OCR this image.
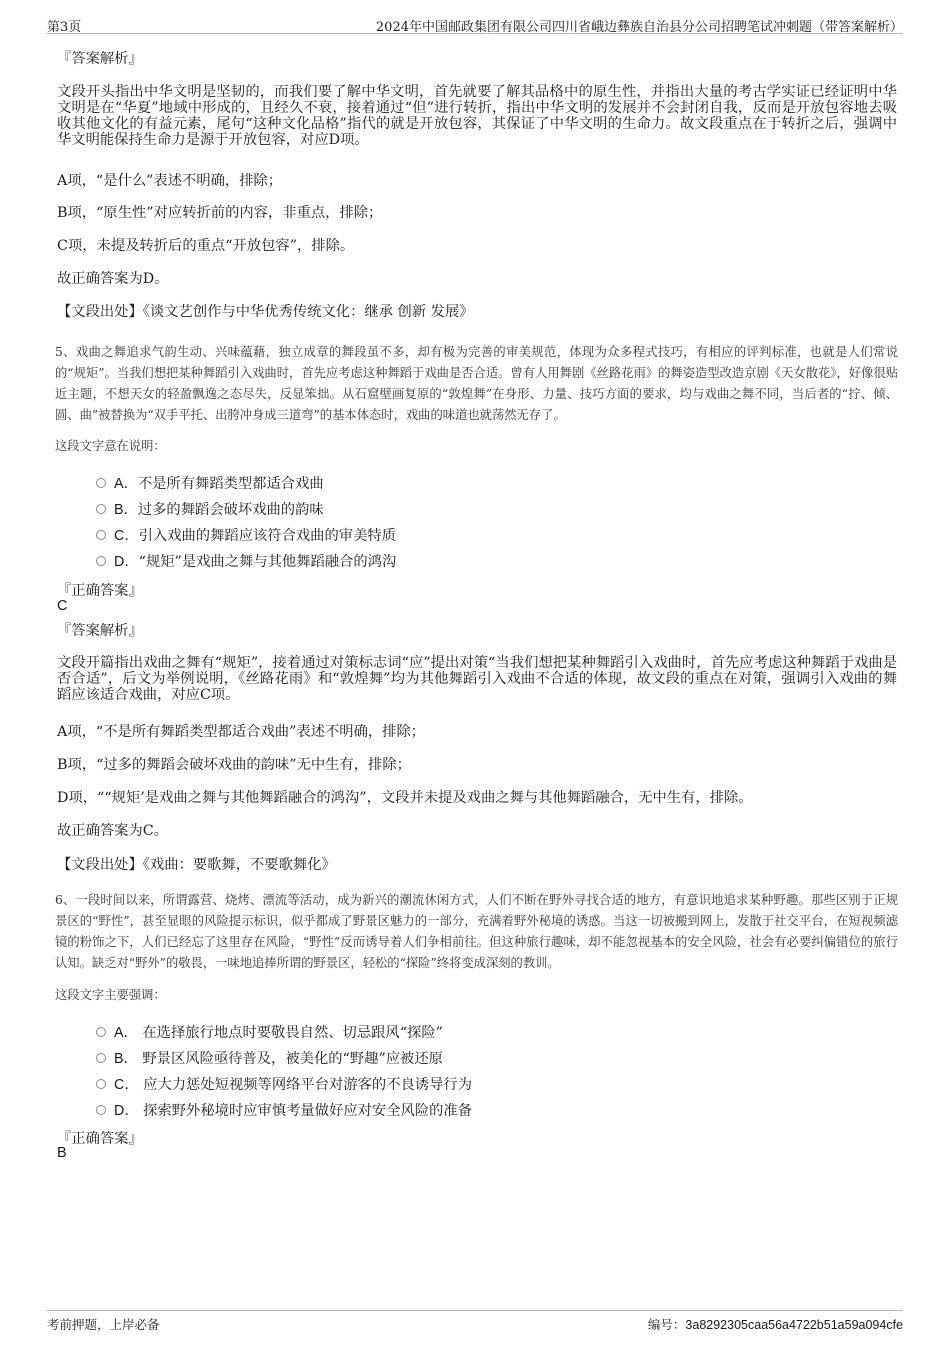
第3页	2024年中国邮政集团有限公司四川省峨边彝族自治县分公司招聘笔试冲刺题（带答案解析）
『答案解析』
文段开头指出中华文明是坚韧的，而我们要了解中华文明，首先就要了解其品格中的原生性，并指出大量的考古学实证已经证明中华文明是在“华夏”地域中形成的，且经久不衰，接着通过“但”进行转折，指出中华文明的发展并不会封闭自我，反而是开放包容地去吸收其他文化的有益元素，尾句“这种文化品格”指代的就是开放包容，其保证了中华文明的生命力。故文段重点在于转折之后，强调中华文明能保持生命力是源于开放包容，对应D项。
A项，“是什么”表述不明确，排除；
B项，“原生性”对应转折前的内容，非重点，排除；
C项，未提及转折后的重点“开放包容”，排除。
故正确答案为D。
【文段出处】《谈文艺创作与中华优秀传统文化：继承 创新 发展》
5、戏曲之舞追求气韵生动、兴味蕴藉，独立成章的舞段虽不多，却有极为完善的审美规范，体现为众多程式技巧，有相应的评判标准，也就是人们常说的“规矩”。当我们想把某种舞蹈引入戏曲时，首先应考虑这种舞蹈于戏曲是否合适。曾有人用舞剧《丝路花雨》的舞姿造型改造京剧《天女散花》，好像很贴近主题，不想天女的轻盈飘逸之态尽失，反显笨拙。从石窟壁画复原的“敦煌舞”在身形、力量、技巧方面的要求，均与戏曲之舞不同，当后者的“拧、倾、圆、曲”被替换为“双手平托、出胯冲身成三道弯”的基本体态时，戏曲的味道也就荡然无存了。
这段文字意在说明：
A．不是所有舞蹈类型都适合戏曲
B．过多的舞蹈会破坏戏曲的韵味
C．引入戏曲的舞蹈应该符合戏曲的审美特质
D．“规矩”是戏曲之舞与其他舞蹈融合的鸿沟
『正确答案』
C
『答案解析』
文段开篇指出戏曲之舞有“规矩”，接着通过对策标志词“应”提出对策“当我们想把某种舞蹈引入戏曲时，首先应考虑这种舞蹈于戏曲是否合适”，后文为举例说明，《丝路花雨》和“敦煌舞”均为其他舞蹈引入戏曲不合适的体现，故文段的重点在对策，强调引入戏曲的舞蹈应该适合戏曲，对应C项。
A项，“不是所有舞蹈类型都适合戏曲”表述不明确，排除；
B项，“过多的舞蹈会破坏戏曲的韵味”无中生有，排除；
D项，““规矩’是戏曲之舞与其他舞蹈融合的鸿沟”，文段并未提及戏曲之舞与其他舞蹈融合，无中生有，排除。
故正确答案为C。
【文段出处】《戏曲：要歌舞，不要歌舞化》
6、一段时间以来，所谓露营、烧烤、漂流等活动，成为新兴的潮流休闲方式，人们不断在野外寻找合适的地方，有意识地追求某种野趣。那些区别于正规景区的“野性”，甚至显眼的风险提示标识，似乎都成了野景区魅力的一部分，充满着野外秘境的诱惑。当这一切被搬到网上，发散于社交平台，在短视频滤镜的粉饰之下，人们已经忘了这里存在风险，“野性”反而诱导着人们争相前往。但这种旅行趣味，却不能忽视基本的安全风险，社会有必要纠偏错位的旅行认知。缺乏对“野外”的敬畏，一味地追捧所谓的野景区，轻松的“探险”终将变成深刻的教训。
这段文字主要强调：
A． 在选择旅行地点时要敬畏自然、切忌跟风“探险”
B． 野景区风险亟待普及，被美化的“野趣”应被还原
C． 应大力惩处短视频等网络平台对游客的不良诱导行为
D． 探索野外秘境时应审慎考量做好应对安全风险的准备
『正确答案』
B
考前押题，上岸必备	编号：3a8292305caa56a4722b51a59a094cfe
